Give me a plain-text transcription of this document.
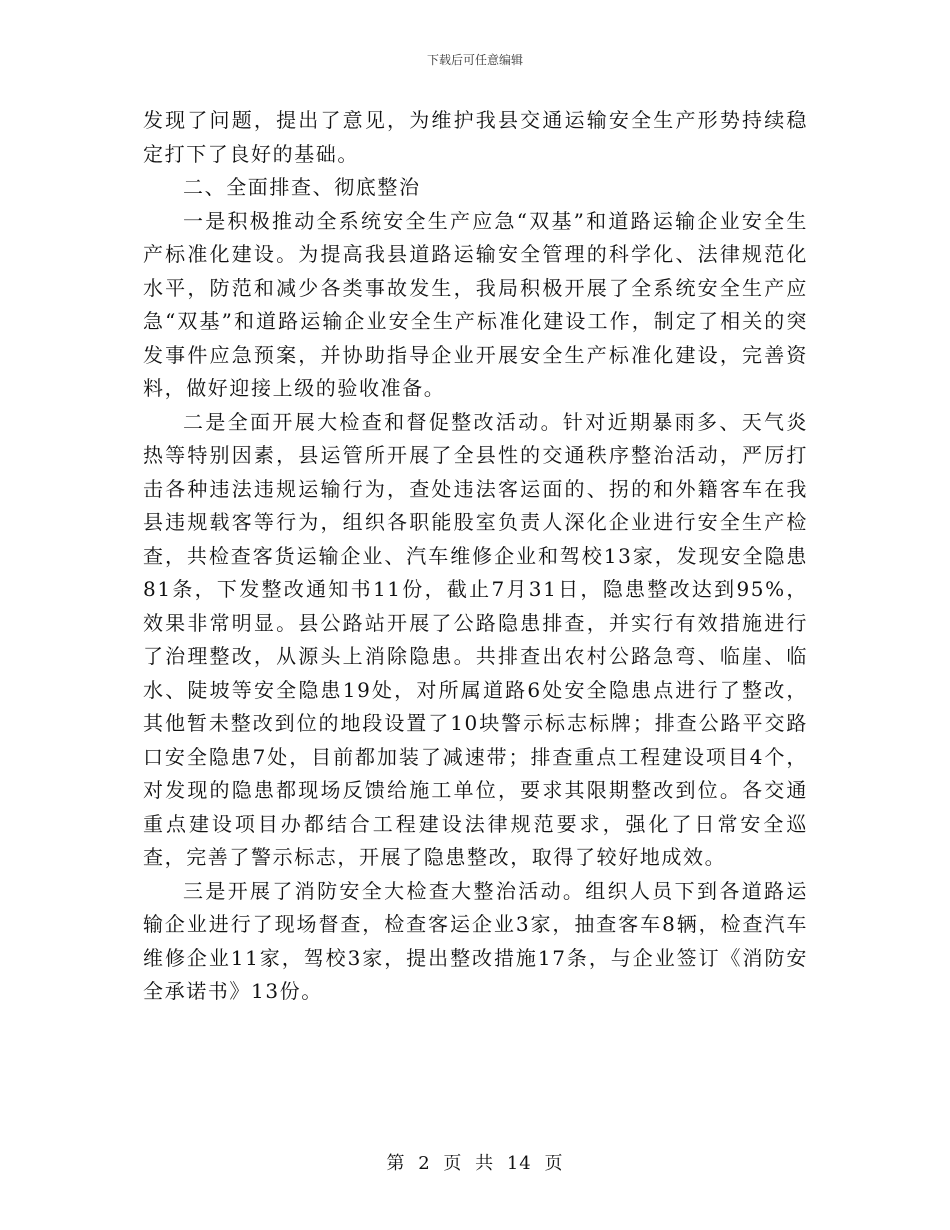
下载后可任意编辑

发现了问题，提出了意见，为维护我县交通运输安全生产形势持续稳定打下了良好的基础。

二、全面排查、彻底整治

一是积极推动全系统安全生产应急“双基”和道路运输企业安全生产标准化建设。为提高我县道路运输安全管理的科学化、法律规范化水平，防范和减少各类事故发生，我局积极开展了全系统安全生产应急“双基”和道路运输企业安全生产标准化建设工作，制定了相关的突发事件应急预案，并协助指导企业开展安全生产标准化建设，完善资料，做好迎接上级的验收准备。

二是全面开展大检查和督促整改活动。针对近期暴雨多、天气炎热等特别因素，县运管所开展了全县性的交通秩序整治活动，严厉打击各种违法违规运输行为，查处违法客运面的、拐的和外籍客车在我县违规载客等行为，组织各职能股室负责人深化企业进行安全生产检查，共检查客货运输企业、汽车维修企业和驾校13家，发现安全隐患81条，下发整改通知书11份，截止7月31日，隐患整改达到95%，效果非常明显。县公路站开展了公路隐患排查，并实行有效措施进行了治理整改，从源头上消除隐患。共排查出农村公路急弯、临崖、临水、陡坡等安全隐患19处，对所属道路6处安全隐患点进行了整改，其他暂未整改到位的地段设置了10块警示标志标牌；排查公路平交路口安全隐患7处，目前都加装了减速带；排查重点工程建设项目4个，对发现的隐患都现场反馈给施工单位，要求其限期整改到位。各交通重点建设项目办都结合工程建设法律规范要求，强化了日常安全巡查，完善了警示标志，开展了隐患整改，取得了较好地成效。

三是开展了消防安全大检查大整治活动。组织人员下到各道路运输企业进行了现场督查，检查客运企业3家，抽查客车8辆，检查汽车维修企业11家，驾校3家，提出整改措施17条，与企业签订《消防安全承诺书》13份。

第 2 页 共 14 页
